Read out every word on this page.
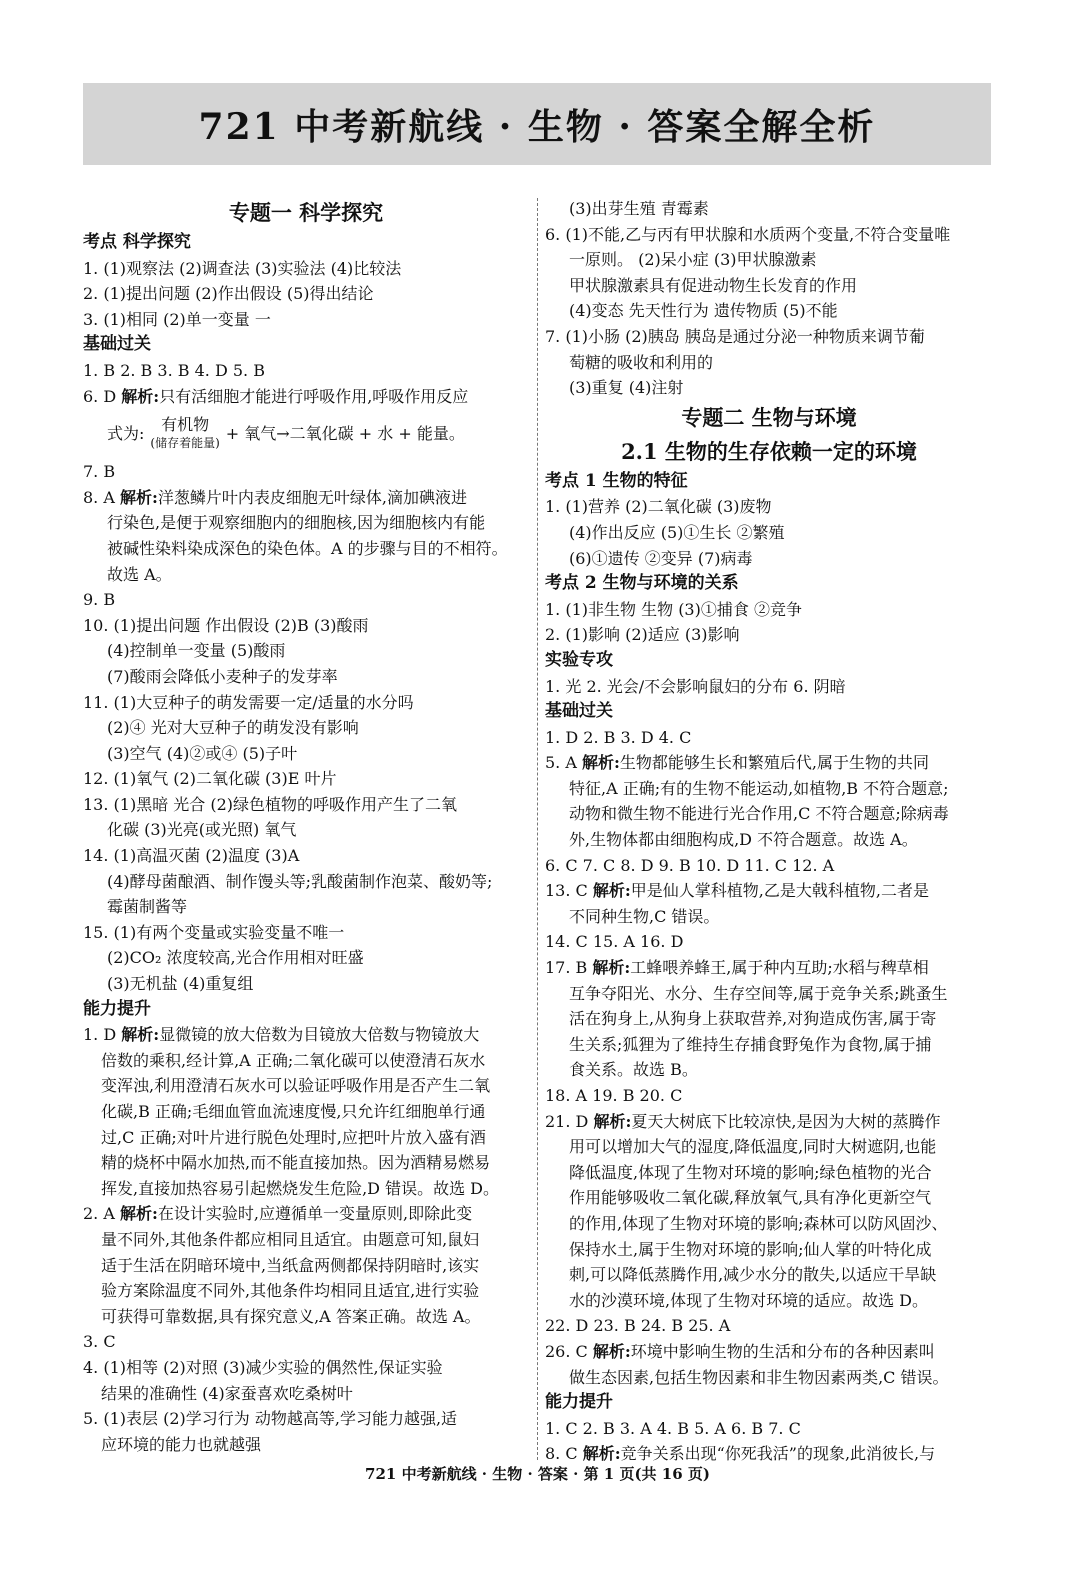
721 中考新航线 · 生物 · 答案全解全析
专题一 科学探究
考点 科学探究
1. (1)观察法 (2)调查法 (3)实验法 (4)比较法
2. (1)提出问题 (2)作出假设 (5)得出结论
3. (1)相同 (2)单一变量 一
基础过关
1. B 2. B 3. B 4. D 5. B
6. D 解析:只有活细胞才能进行呼吸作用,呼吸作用反应
式为: 有机物
(储存着能量) + 氧气→二氧化碳 + 水 + 能量。
7. B
8. A 解析:洋葱鳞片叶内表皮细胞无叶绿体,滴加碘液进
行染色,是便于观察细胞内的细胞核,因为细胞核内有能
被碱性染料染成深色的染色体。A 的步骤与目的不相符。
故选 A。
9. B
10. (1)提出问题 作出假设 (2)B (3)酸雨
(4)控制单一变量 (5)酸雨
(7)酸雨会降低小麦种子的发芽率
11. (1)大豆种子的萌发需要一定/适量的水分吗
(2)④ 光对大豆种子的萌发没有影响
(3)空气 (4)②或④ (5)子叶
12. (1)氧气 (2)二氧化碳 (3)E 叶片
13. (1)黑暗 光合 (2)绿色植物的呼吸作用产生了二氧
化碳 (3)光亮(或光照) 氧气
14. (1)高温灭菌 (2)温度 (3)A
(4)酵母菌酿酒、制作馒头等;乳酸菌制作泡菜、酸奶等;
霉菌制酱等
15. (1)有两个变量或实验变量不唯一
(2)CO₂ 浓度较高,光合作用相对旺盛
(3)无机盐 (4)重复组
能力提升
1. D 解析:显微镜的放大倍数为目镜放大倍数与物镜放大
倍数的乘积,经计算,A 正确;二氧化碳可以使澄清石灰水
变浑浊,利用澄清石灰水可以验证呼吸作用是否产生二氧
化碳,B 正确;毛细血管血流速度慢,只允许红细胞单行通
过,C 正确;对叶片进行脱色处理时,应把叶片放入盛有酒
精的烧杯中隔水加热,而不能直接加热。因为酒精易燃易
挥发,直接加热容易引起燃烧发生危险,D 错误。故选 D。
2. A 解析:在设计实验时,应遵循单一变量原则,即除此变
量不同外,其他条件都应相同且适宜。由题意可知,鼠妇
适于生活在阴暗环境中,当纸盒两侧都保持阴暗时,该实
验方案除温度不同外,其他条件均相同且适宜,进行实验
可获得可靠数据,具有探究意义,A 答案正确。故选 A。
3. C
4. (1)相等 (2)对照 (3)减少实验的偶然性,保证实验
结果的准确性 (4)家蚕喜欢吃桑树叶
5. (1)表层 (2)学习行为 动物越高等,学习能力越强,适
应环境的能力也就越强
(3)出芽生殖 青霉素
6. (1)不能,乙与丙有甲状腺和水质两个变量,不符合变量唯
一原则。 (2)呆小症 (3)甲状腺激素
甲状腺激素具有促进动物生长发育的作用
(4)变态 先天性行为 遗传物质 (5)不能
7. (1)小肠 (2)胰岛 胰岛是通过分泌一种物质来调节葡
萄糖的吸收和利用的
(3)重复 (4)注射
专题二 生物与环境
2.1 生物的生存依赖一定的环境
考点 1 生物的特征
1. (1)营养 (2)二氧化碳 (3)废物
(4)作出反应 (5)①生长 ②繁殖
(6)①遗传 ②变异 (7)病毒
考点 2 生物与环境的关系
1. (1)非生物 生物 (3)①捕食 ②竞争
2. (1)影响 (2)适应 (3)影响
实验专攻
1. 光 2. 光会/不会影响鼠妇的分布 6. 阴暗
基础过关
1. D 2. B 3. D 4. C
5. A 解析:生物都能够生长和繁殖后代,属于生物的共同
特征,A 正确;有的生物不能运动,如植物,B 不符合题意;
动物和微生物不能进行光合作用,C 不符合题意;除病毒
外,生物体都由细胞构成,D 不符合题意。故选 A。
6. C 7. C 8. D 9. B 10. D 11. C 12. A
13. C 解析:甲是仙人掌科植物,乙是大戟科植物,二者是
不同种生物,C 错误。
14. C 15. A 16. D
17. B 解析:工蜂喂养蜂王,属于种内互助;水稻与稗草相
互争夺阳光、水分、生存空间等,属于竞争关系;跳蚤生
活在狗身上,从狗身上获取营养,对狗造成伤害,属于寄
生关系;狐狸为了维持生存捕食野兔作为食物,属于捕
食关系。故选 B。
18. A 19. B 20. C
21. D 解析:夏天大树底下比较凉快,是因为大树的蒸腾作
用可以增加大气的湿度,降低温度,同时大树遮阴,也能
降低温度,体现了生物对环境的影响;绿色植物的光合
作用能够吸收二氧化碳,释放氧气,具有净化更新空气
的作用,体现了生物对环境的影响;森林可以防风固沙、
保持水土,属于生物对环境的影响;仙人掌的叶特化成
刺,可以降低蒸腾作用,减少水分的散失,以适应干旱缺
水的沙漠环境,体现了生物对环境的适应。故选 D。
22. D 23. B 24. B 25. A
26. C 解析:环境中影响生物的生活和分布的各种因素叫
做生态因素,包括生物因素和非生物因素两类,C 错误。
能力提升
1. C 2. B 3. A 4. B 5. A 6. B 7. C
8. C 解析:竞争关系出现“你死我活”的现象,此消彼长,与
721 中考新航线 · 生物 · 答案 · 第 1 页(共 16 页)
